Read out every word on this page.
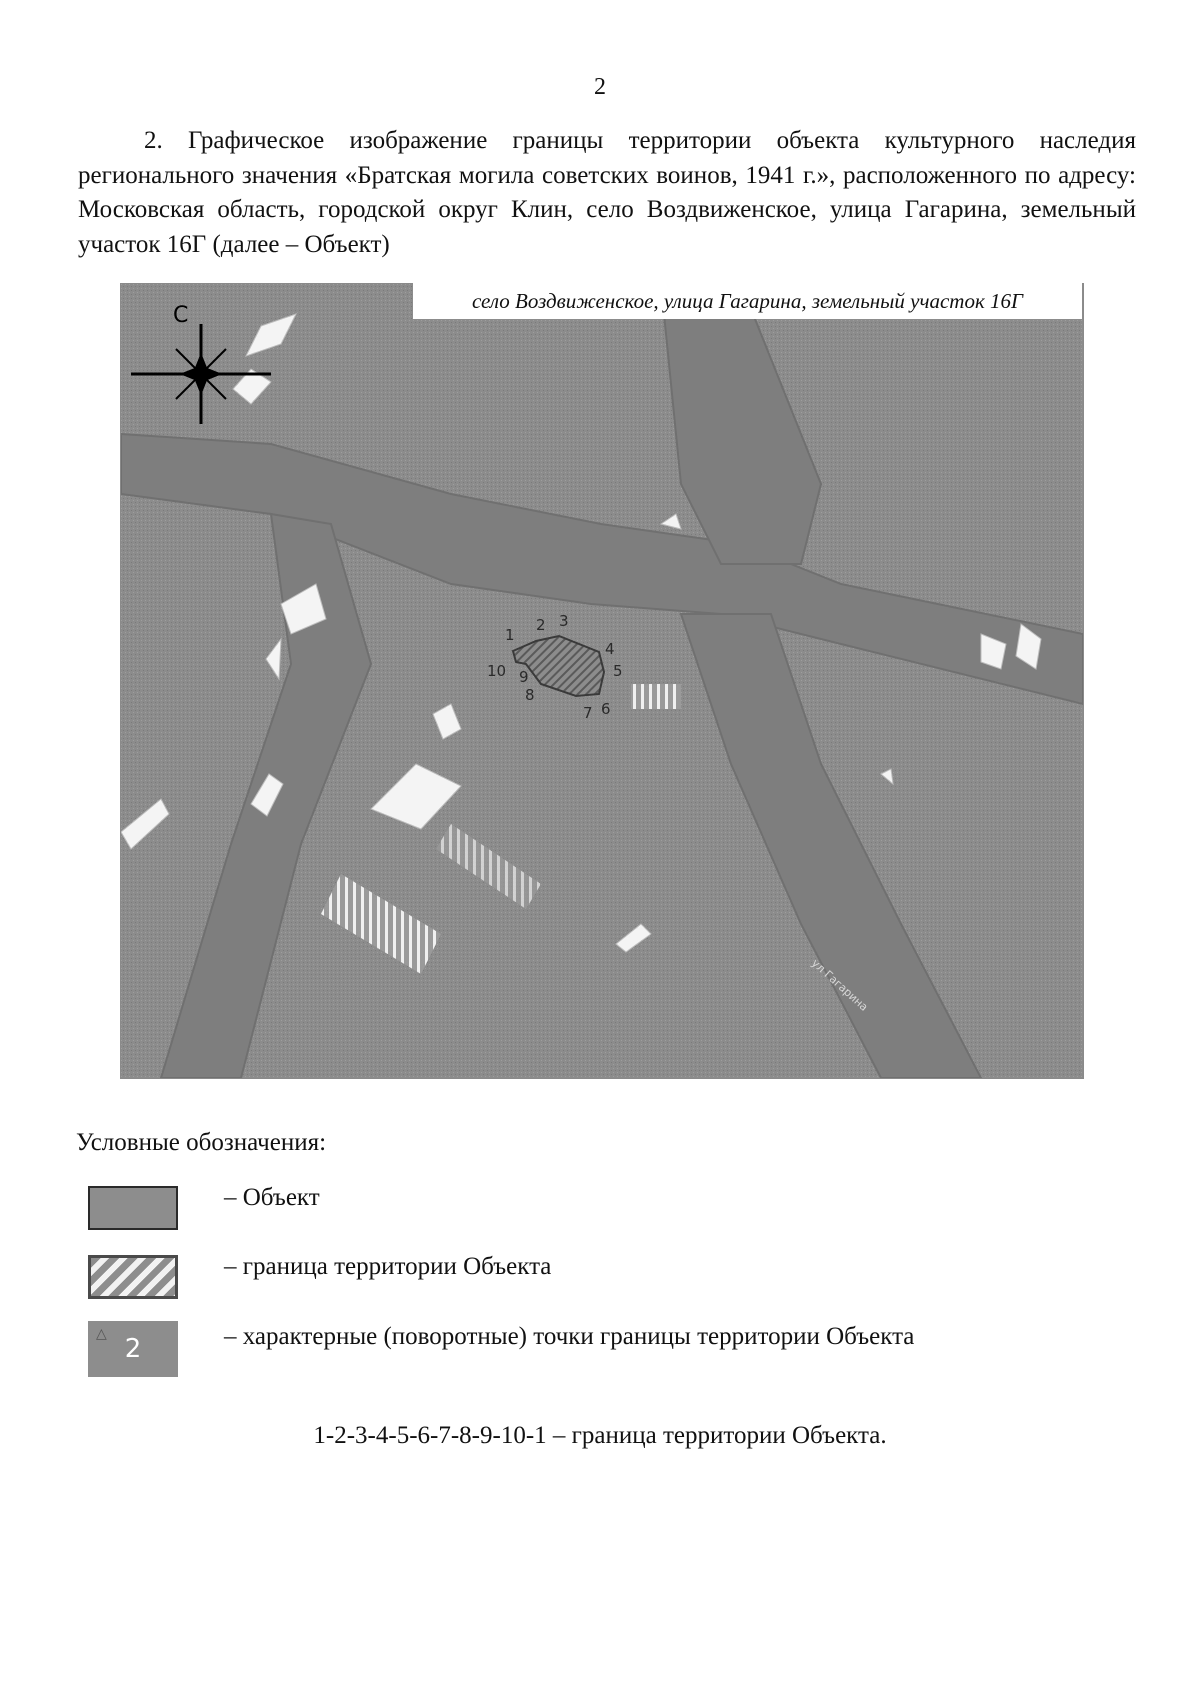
2

2. Графическое изображение границы территории объекта культурного наследия регионального значения «Братская могила советских воинов, 1941 г.», расположенного по адресу: Московская область, городской округ Клин, село Воздвиженское, улица Гагарина, земельный участок 16Г (далее – Объект)

С
1
2 3
4
5
6
7
8
9
10
ул Гагарина
село Воздвиженское, улица Гагарина, земельный участок 16Г
Условные обозначения:
– Объект
– граница территории Объекта
△ 2	– характерные (поворотные) точки границы территории Объекта
1-2-3-4-5-6-7-8-9-10-1 – граница территории Объекта.
